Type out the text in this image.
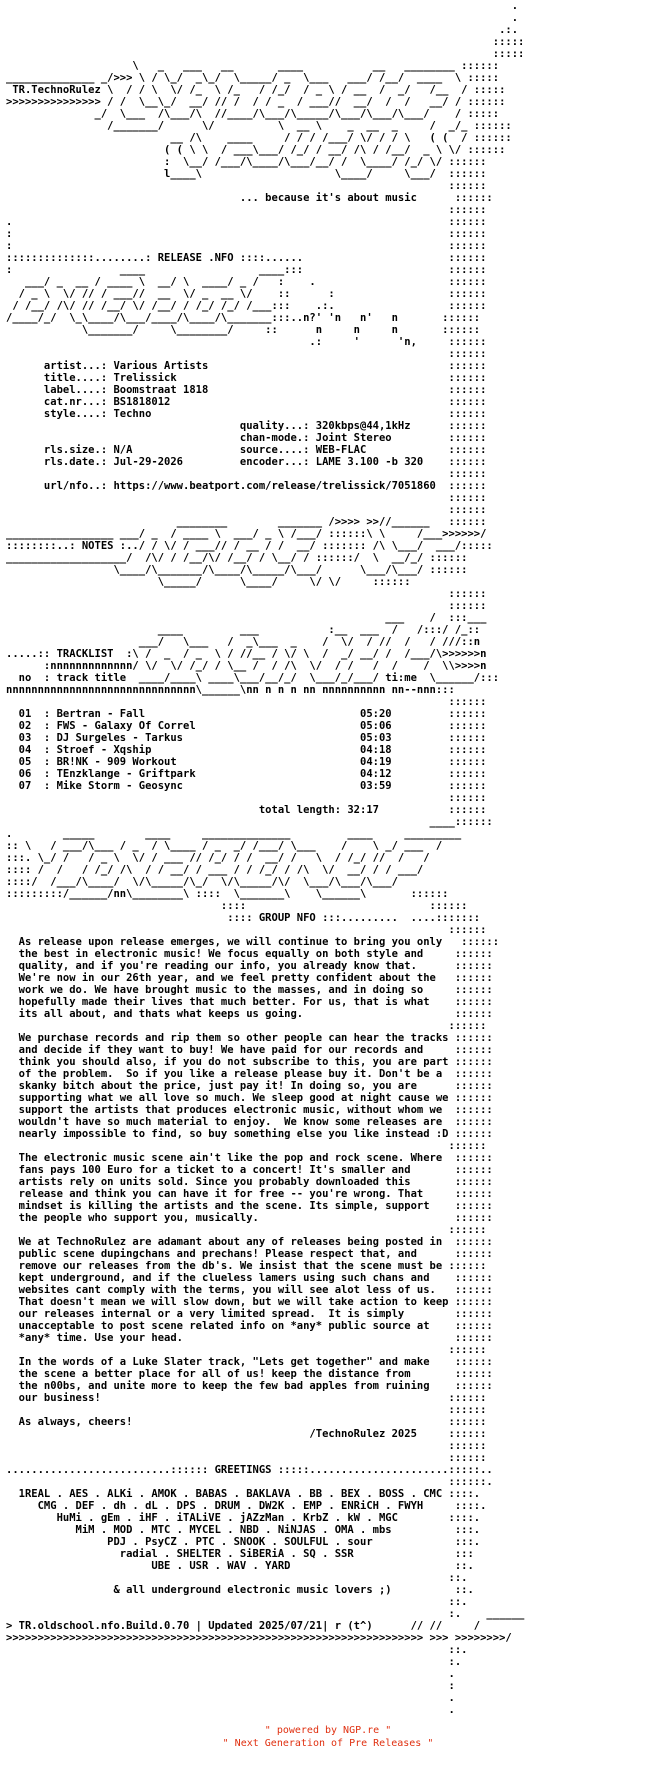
.
.
.:.
:::::
:::::
\   _   ___   __       ____           __   ________ ::::::
______________ _/>>> \ / \_/  _\_/  \_____/ _  \___   ___/ /__/  ____  \ :::::
TR.TechnoRulez \  / / \  \/ /_  \ /_   / /_/  / _ \ / __  /  _/   /__  / :::::
>>>>>>>>>>>>>>> / /  \__\_/  __/ // /  / / _  / ___//  __/  /  /   __/ / ::::::
_/  \___  /\___/\  //____/\___/\_____/\___/\___/\___/    / :::::
/_______/      \/          \  __ \    _  __  _     /  _/_ ::::::
__ /\    ____     / / / /___/ \/ / / \   ( (  / ::::::
( ( \ \  / ___\___/ /_/ / __/ /\ / /__/  _ \ \/ ::::::
:  \__/ /___/\____/\___/__/ /  \____/ /_/ \/ ::::::
l____\                     \____/     \___/  ::::::
::::::
... because it's about music      ::::::
::::::
.                                                                     ::::::
:                                                                     ::::::
:                                                                     ::::::
::::::::::::::........: RELEASE .NFO ::::......                       ::::::
:                 ____                  ____:::                       ::::::
___/ _  __ / ____ \  __/ \  ____/ _ /   :    .                     ::::::
/ _ \  \/ // / ___//  __  \/ _  __ \/    ::      :                  ::::::
/ /__/ /\/ // /__/ \/ /__/ / /_/ /_/ /___:::    .:.                  ::::::
/____/_/  \_\____/\___/____/\____/\_______:::..n?' 'n   n'   n       ::::::
\_______/     \________/     ::      n     n     n       ::::::
.:     '      'n,     ::::::
::::::
artist...: Various Artists                                      ::::::
title....: Trelissick                                           ::::::
label....: Boomstraat 1818                                      ::::::
cat.nr...: BS1818012                                            ::::::
style....: Techno                                               ::::::
quality...: 320kbps@44,1kHz      ::::::
chan-mode.: Joint Stereo         ::::::
rls.size.: N/A                 source....: WEB-FLAC             ::::::
rls.date.: Jul-29-2026         encoder...: LAME 3.100 -b 320    ::::::
::::::
url/nfo..: https://www.beatport.com/release/trelissick/7051860  ::::::
::::::
::::::
________        _______ />>>> >>//______   ::::::
_________________ ___/ _  / ____ \  ___/ _ \ /___/ ::::::\ \     /___>>>>>>/
::::::::..: NOTES :../ / \/ / ___// / __ / /  __/ ::::::: /\ \___/  ___/:::::
___________________/  /\/ / /__/\/ /__/ / \__/ / ::::::/  \  __/_/ ::::::
\____/\_______/\____/\_____/\___/      \___/\___/ ::::::
\_____/      \____/     \/ \/     ::::::
::::::
::::::
___    /  :::___
____         ___           :__  ___  /   /:::/ /_::
___/   \___   /  _\___  _    /  \/  / //  /   / ///::n
.....:: TRACKLIST  :\ /  _  / _  \ / //__ / \/ \  /  _/ __/ /  /___/\>>>>>>n
:nnnnnnnnnnnnn/ \/  \/ /_/ / \__ /  / /\  \/  / /   /  /    /  \\>>>>n
no  : track title  ____/____\ ____\___/__/_/  \___/_/___/ ti:me  \______/:::
nnnnnnnnnnnnnnnnnnnnnnnnnnnnnn\______\nn n n n nn nnnnnnnnnn nn--nnn:::
::::::
01  : Bertran - Fall                                  05:20         ::::::
02  : FWS - Galaxy Of Correl                          05:06         ::::::
03  : DJ Surgeles - Tarkus                            05:03         ::::::
04  : Stroef - Xqship                                 04:18         ::::::
05  : BR!NK - 909 Workout                             04:19         ::::::
06  : TEnzklange - Griftpark                          04:12         ::::::
07  : Mike Storm - Geosync                            03:59         ::::::
::::::
total length: 32:17           ::::::
____::::::
.        _____        ____     ______________         ____     _________
:: \   / ___/\___ / _  / \____ / _  _/ /___/ \___    /    \ _/ ___  /
:::. \_/ /   / _ \  \/ / ___ // /_/ / /  __/ /   \  / /_/ //  /   /
:::: /  /   / /_/ /\  / / __/ / ___ / / /_/ / /\  \/  __/ / / ___/
::::/  /___/\____/  \/\_____/\_/  \/\_____/\/  \___/\___/\___/
:::::::::/______/nn\________\ ::::  \_______\    \______\       ::::::
::::                             ::::::
:::: GROUP NFO :::.........  ....:::::::
::::::
As release upon release emerges, we will continue to bring you only   ::::::
the best in electronic music! We focus equally on both style and     ::::::
quality, and if you're reading our info, you already know that.      ::::::
We're now in our 26th year, and we feel pretty confident about the   ::::::
work we do. We have brought music to the masses, and in doing so     ::::::
hopefully made their lives that much better. For us, that is what    ::::::
its all about, and thats what keeps us going.                        ::::::
::::::
We purchase records and rip them so other people can hear the tracks ::::::
and decide if they want to buy! We have paid for our records and     ::::::
think you should also, if you do not subscribe to this, you are part ::::::
of the problem.  So if you like a release please buy it. Don't be a  ::::::
skanky bitch about the price, just pay it! In doing so, you are      ::::::
supporting what we all love so much. We sleep good at night cause we ::::::
support the artists that produces electronic music, without whom we  ::::::
wouldn't have so much material to enjoy.  We know some releases are  ::::::
nearly impossible to find, so buy something else you like instead :D ::::::
::::::
The electronic music scene ain't like the pop and rock scene. Where  ::::::
fans pays 100 Euro for a ticket to a concert! It's smaller and       ::::::
artists rely on units sold. Since you probably downloaded this       ::::::
release and think you can have it for free -- you're wrong. That     ::::::
mindset is killing the artists and the scene. Its simple, support    ::::::
the people who support you, musically.                               ::::::
::::::
We at TechnoRulez are adamant about any of releases being posted in  ::::::
public scene dupingchans and prechans! Please respect that, and      ::::::
remove our releases from the db's. We insist that the scene must be ::::::
kept underground, and if the clueless lamers using such chans and    ::::::
websites cant comply with the terms, you will see alot less of us.   ::::::
That doesn't mean we will slow down, but we will take action to keep ::::::
our releases internal or a very limited spread.  It is simply        ::::::
unacceptable to post scene related info on *any* public source at    ::::::
*any* time. Use your head.                                           ::::::
::::::
In the words of a Luke Slater track, "Lets get together" and make    ::::::
the scene a better place for all of us! keep the distance from       ::::::
the n00bs, and unite more to keep the few bad apples from ruining    ::::::
our business!                                                       ::::::
::::::
As always, cheers!                                                  ::::::
/TechnoRulez 2025     ::::::
::::::
::::::
..........................:::::: GREETINGS :::::......................:::::..
::::::.
1REAL . AES . ALKi . AMOK . BABAS . BAKLAVA . BB . BEX . BOSS . CMC ::::.
CMG . DEF . dh . dL . DPS . DRUM . DW2K . EMP . ENRiCH . FWYH     ::::.
HuMi . gEm . iHF . iTALiVE . jAZzMan . KrbZ . kW . MGC        ::::.
MiM . MOD . MTC . MYCEL . NBD . NiNJAS . OMA . mbs          :::.
PDJ . PsyCZ . PTC . SNOOK . SOULFUL . sour             :::.
radial . SHELTER . SiBERiA . SQ . SSR                :::
UBE . USR . WAV . YARD                          ::.
::.
& all underground electronic music lovers ;)          ::.
::.
:.    ______
> TR.oldschool.nfo.Build.0.70 | Updated 2025/07/21| r (t^)      // //     /
>>>>>>>>>>>>>>>>>>>>>>>>>>>>>>>>>>>>>>>>>>>>>>>>>>>>>>>>>>>>>>>>>> >>> >>>>>>>>/
::.
:.
.
:
.
.

" powered by NGP.re "
" Next Generation of Pre Releases "
